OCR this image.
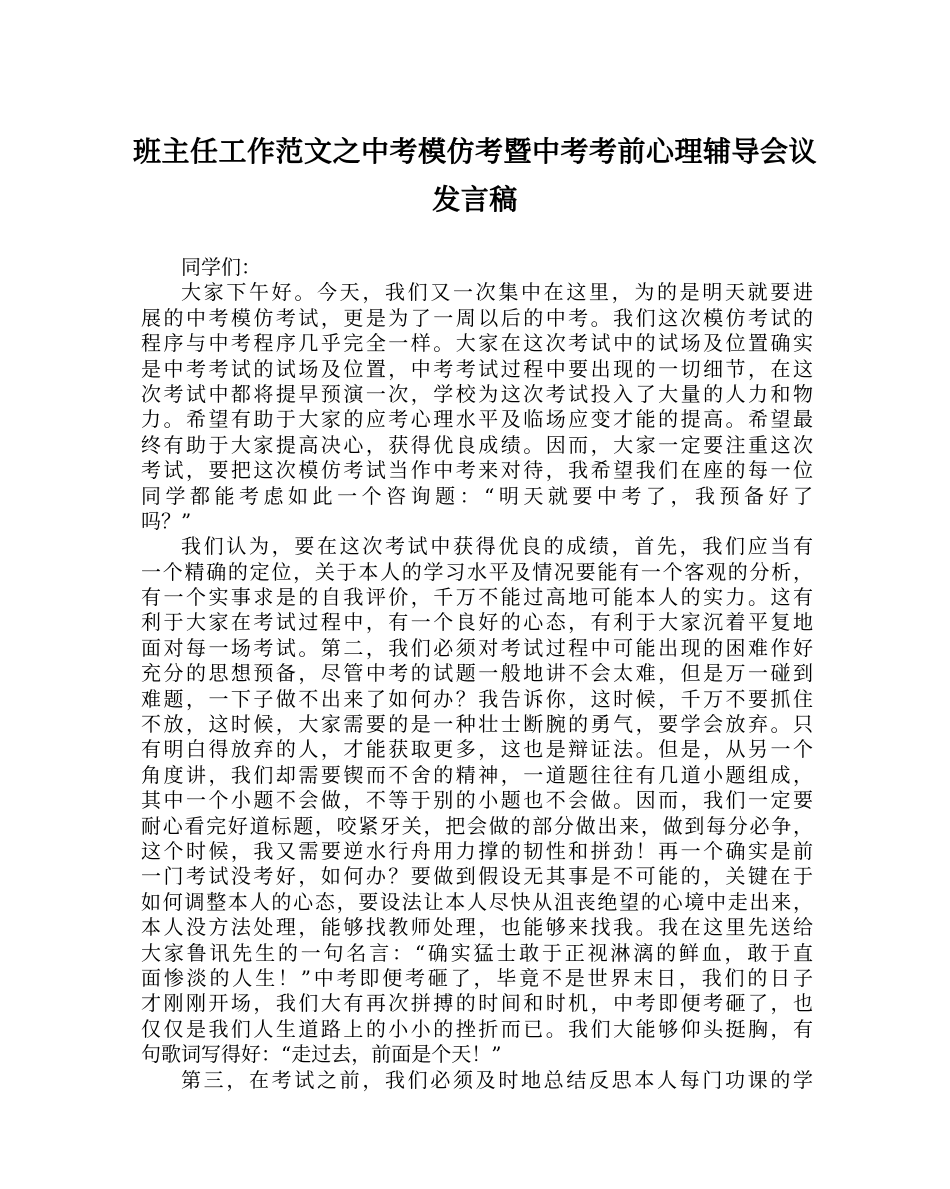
班主任工作范文之中考模仿考暨中考考前心理辅导会议
发言稿
同学们：
大家下午好。今天，我们又一次集中在这里，为的是明天就要进
展的中考模仿考试，更是为了一周以后的中考。我们这次模仿考试的
程序与中考程序几乎完全一样。大家在这次考试中的试场及位置确实
是中考考试的试场及位置，中考考试过程中要出现的一切细节，在这
次考试中都将提早预演一次，学校为这次考试投入了大量的人力和物
力。希望有助于大家的应考心理水平及临场应变才能的提高。希望最
终有助于大家提高决心，获得优良成绩。因而，大家一定要注重这次
考试，要把这次模仿考试当作中考来对待，我希望我们在座的每一位
同学都能考虑如此一个咨询题：“明天就要中考了，我预备好了
吗？”
我们认为，要在这次考试中获得优良的成绩，首先，我们应当有
一个精确的定位，关于本人的学习水平及情况要能有一个客观的分析，
有一个实事求是的自我评价，千万不能过高地可能本人的实力。这有
利于大家在考试过程中，有一个良好的心态，有利于大家沉着平复地
面对每一场考试。第二，我们必须对考试过程中可能出现的困难作好
充分的思想预备，尽管中考的试题一般地讲不会太难，但是万一碰到
难题，一下子做不出来了如何办？我告诉你，这时候，千万不要抓住
不放，这时候，大家需要的是一种壮士断腕的勇气，要学会放弃。只
有明白得放弃的人，才能获取更多，这也是辩证法。但是，从另一个
角度讲，我们却需要锲而不舍的精神，一道题往往有几道小题组成，
其中一个小题不会做，不等于别的小题也不会做。因而，我们一定要
耐心看完好道标题，咬紧牙关，把会做的部分做出来，做到每分必争，
这个时候，我又需要逆水行舟用力撑的韧性和拼劲！再一个确实是前
一门考试没考好，如何办？要做到假设无其事是不可能的，关键在于
如何调整本人的心态，要设法让本人尽快从沮丧绝望的心境中走出来，
本人没方法处理，能够找教师处理，也能够来找我。我在这里先送给
大家鲁讯先生的一句名言：“确实猛士敢于正视淋漓的鲜血，敢于直
面惨淡的人生！”中考即便考砸了，毕竟不是世界末日，我们的日子
才刚刚开场，我们大有再次拼搏的时间和时机，中考即便考砸了，也
仅仅是我们人生道路上的小小的挫折而已。我们大能够仰头挺胸，有
句歌词写得好：“走过去，前面是个天！”
第三，在考试之前，我们必须及时地总结反思本人每门功课的学
